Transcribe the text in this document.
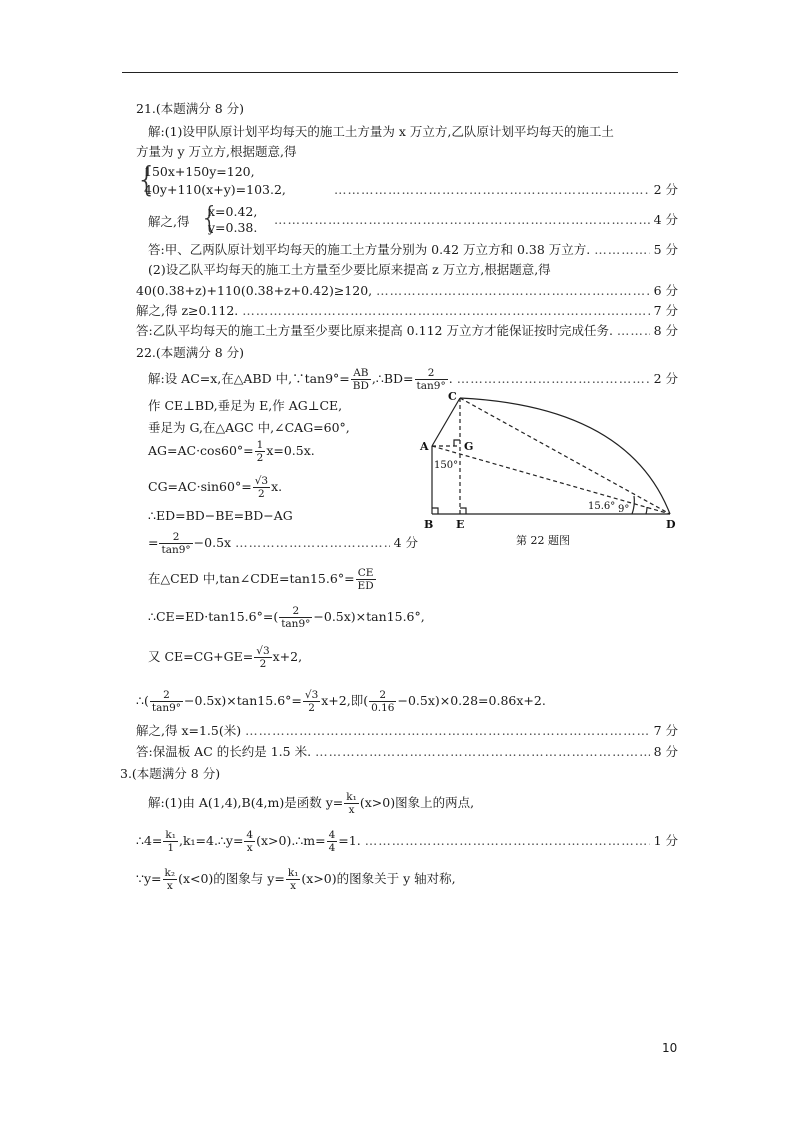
21.(本题满分 8 分)
解:(1)设甲队原计划平均每天的施工土方量为 x 万立方,乙队原计划平均每天的施工土
方量为 y 万立方,根据题意,得
{
150x+150y=120,
40y+110(x+y)=103.2, ……………………………………………………………………………………………………………………………………………………………………………………………………	2 分
解之,得 {
x=0.42,
y=0.38.
……………………………………………………………………………………………………………………………………………………………………………………………………
4 分
答:甲、乙两队原计划平均每天的施工土方量分别为 0.42 万立方和 0.38 万立方. ……………………………………………………………………………………………………………………………………………………………………………………………………	5 分
(2)设乙队平均每天的施工土方量至少要比原来提高 z 万立方,根据题意,得
40(0.38+z)+110(0.38+z+0.42)≥120, ……………………………………………………………………………………………………………………………………………………………………………………………………	6 分
解之,得 z≥0.112. ……………………………………………………………………………………………………………………………………………………………………………………………………	7 分
答:乙队平均每天的施工土方量至少要比原来提高 0.112 万立方才能保证按时完成任务. ……………………………………………………………………………………………………………………………………………………………………………………………………	8 分
22.(本题满分 8 分)
解:设 AC=x,在△ABD 中,∵tan9°= $\frac{AB}{BD}$ ,∴BD= $\frac{2}{\tan 9^\circ}$ . ……………………………………………………………………………………………………………………………………………………………………………………………………	2 分
作 CE⊥BD,垂足为 E,作 AG⊥CE,
垂足为 G,在△AGC 中,∠CAG=60°,
$AG=AC\cdot\cos 60^\circ= \frac{1}{2} x=0.5x$.
$CG=AC\cdot\sin 60^\circ= \frac{√3}{2} x$.
∴ED=BD−BE=BD−AG
= $\frac{2}{\tan 9^\circ} -0.5x$ ……………………………………………………………………………………………………………………………………………………………………………………………………	4 分
C
A	G
B E	D
150°
15.6° 9°
第 22 题图
在△CED 中,tan∠CDE=tan15.6°= $\frac{CE}{ED}$
∴CE=ED·tan15.6°=( $\frac{2}{\tan 9^\circ} -0.5x)\times\tan 15.6^\circ$,
又 $CE=CG+GE= \frac{√3}{2} x+2$,
∴( $\frac{2}{\tan 9^\circ} -0.5x)\times\tan 15.6^\circ= \frac{√3}{2} x+2$,即( $\frac{2}{0.16} -0.5x)\times 0.28=0.86x+2$.
解之,得 x=1.5(米) ……………………………………………………………………………………………………………………………………………………………………………………………………	7 分
答:保温板 AC 的长约是 1.5 米. ……………………………………………………………………………………………………………………………………………………………………………………………………	8 分
3.(本题满分 8 分)
解:(1)由 A(1,4),B(4,m)是函数 $y= \frac{\text{k₁}}{x} (x>0)$图象上的两点,
∴4= $\frac{\text{k₁}}{1}$ ,k₁=4.∴y= $\frac{4}{x}$ (x>0).∴m= $\frac{4}{4} =1$. ……………………………………………………………………………………………………………………………………………………………………………………………………	1 分
∵y= $\frac{\text{k₂}}{x} (x<0)$的图象与 $y= \frac{\text{k₁}}{x} (x>0)$的图象关于 y 轴对称,
10
